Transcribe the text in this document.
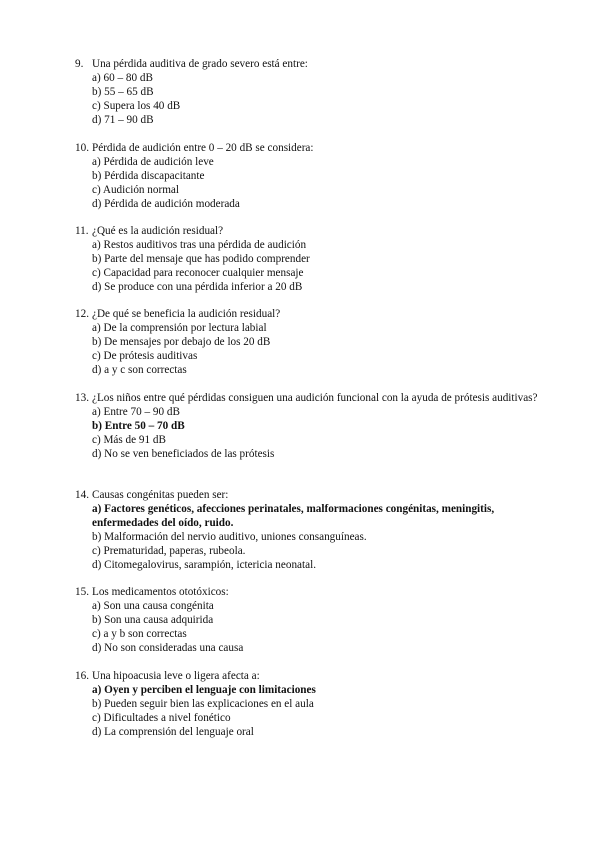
9. Una pérdida auditiva de grado severo está entre:
a) 60 – 80 dB
b) 55 – 65 dB
c) Supera los 40 dB
d) 71 – 90 dB
10. Pérdida de audición entre 0 – 20 dB se considera:
a) Pérdida de audición leve
b) Pérdida discapacitante
c) Audición normal
d) Pérdida de audición moderada
11. ¿Qué es la audición residual?
a) Restos auditivos tras una pérdida de audición
b) Parte del mensaje que has podido comprender
c) Capacidad para reconocer cualquier mensaje
d) Se produce con una pérdida inferior a 20 dB
12. ¿De qué se beneficia la audición residual?
a) De la comprensión por lectura labial
b) De mensajes por debajo de los 20 dB
c) De prótesis auditivas
d) a y c son correctas
13. ¿Los niños entre qué pérdidas consiguen una audición funcional con la ayuda de prótesis auditivas?
a) Entre 70 – 90 dB
b) Entre 50 – 70 dB
c) Más de 91 dB
d) No se ven beneficiados de las prótesis
14. Causas congénitas pueden ser:
a) Factores genéticos, afecciones perinatales, malformaciones congénitas, meningitis, enfermedades del oído, ruido.
b) Malformación del nervio auditivo, uniones consanguíneas.
c) Prematuridad, paperas, rubeola.
d) Citomegalovirus, sarampión, ictericia neonatal.
15. Los medicamentos ototóxicos:
a) Son una causa congénita
b) Son una causa adquirida
c) a y b son correctas
d) No son consideradas una causa
16. Una hipoacusia leve o ligera afecta a:
a) Oyen y perciben el lenguaje con limitaciones
b) Pueden seguir bien las explicaciones en el aula
c) Dificultades a nivel fonético
d) La comprensión del lenguaje oral
